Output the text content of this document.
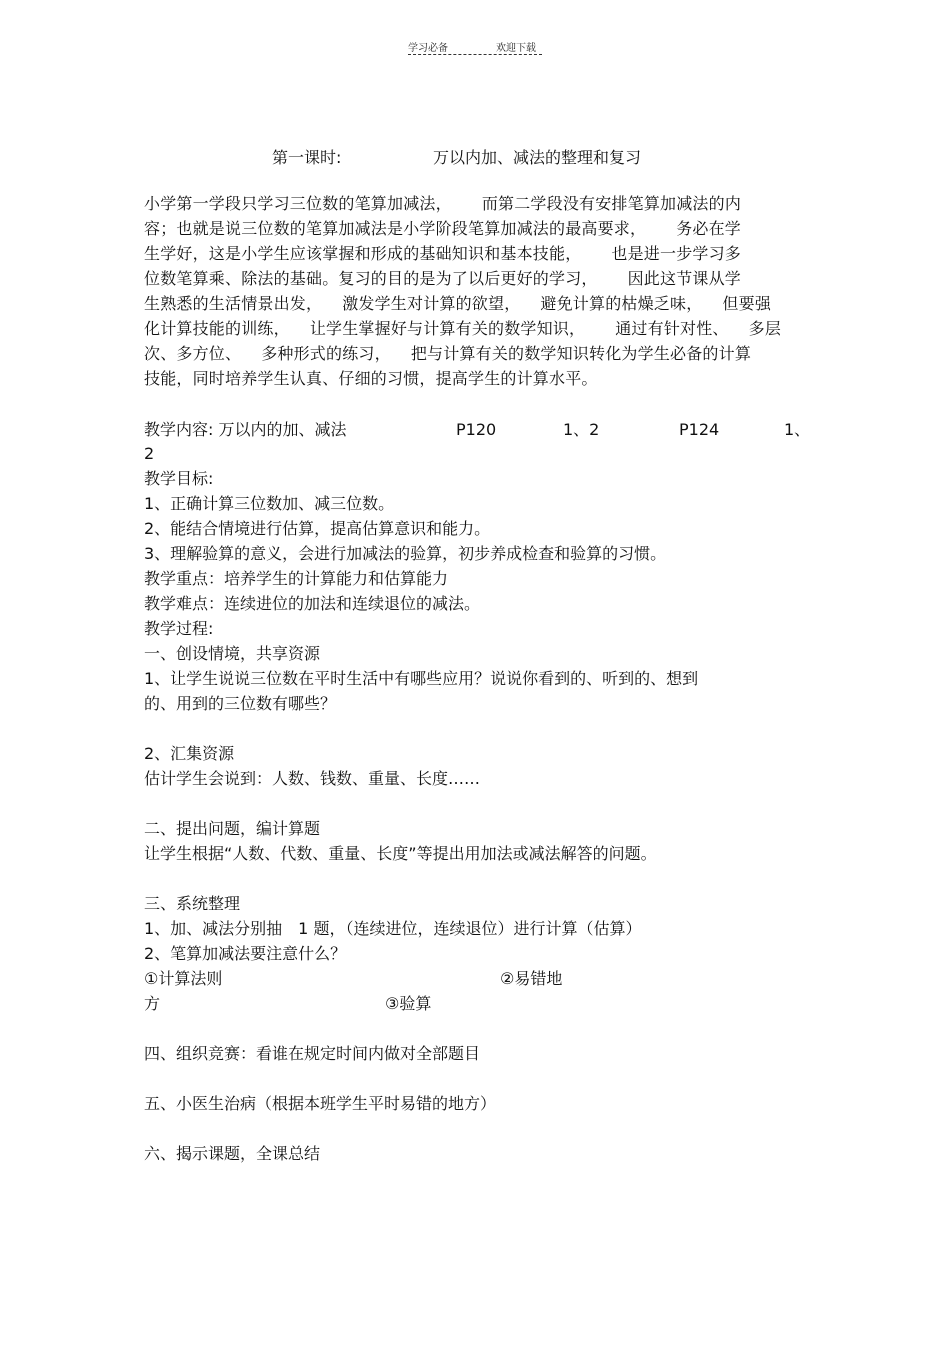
学习必备	欢迎下载
第一课时:	万以内加、减法的整理和复习
小学第一学段只学习三位数的笔算加减法， 而第二学段没有安排笔算加减法的内
容；也就是说三位数的笔算加减法是小学阶段笔算加减法的最高要求， 务必在学
生学好，这是小学生应该掌握和形成的基础知识和基本技能， 也是进一步学习多
位数笔算乘、除法的基础。复习的目的是为了以后更好的学习， 因此这节课从学
生熟悉的生活情景出发， 激发学生对计算的欲望， 避免计算的枯燥乏味， 但要强
化计算技能的训练， 让学生掌握好与计算有关的数学知识， 通过有针对性、 多层
次、多方位、 多种形式的练习， 把与计算有关的数学知识转化为学生必备的计算
技能，同时培养学生认真、仔细的习惯，提高学生的计算水平。
教学内容: 万以内的加、减法	P120	1、2	P124	1、
2
教学目标:
1、正确计算三位数加、减三位数。
2、能结合情境进行估算，提高估算意识和能力。
3、理解验算的意义，会进行加减法的验算，初步养成检查和验算的习惯。
教学重点：培养学生的计算能力和估算能力
教学难点：连续进位的加法和连续退位的减法。
教学过程:
一、创设情境，共享资源
1、让学生说说三位数在平时生活中有哪些应用？说说你看到的、听到的、想到
的、用到的三位数有哪些？
2、汇集资源
估计学生会说到：人数、钱数、重量、长度……
二、提出问题，编计算题
让学生根据“人数、代数、重量、长度”等提出用加法或减法解答的问题。
三、系统整理
1、加、减法分别抽　1 题，（连续进位，连续退位）进行计算（估算）
2、笔算加减法要注意什么？
①计算法则	②易错地
方	③验算
四、组织竞赛：看谁在规定时间内做对全部题目
五、小医生治病（根据本班学生平时易错的地方）
六、揭示课题，全课总结
